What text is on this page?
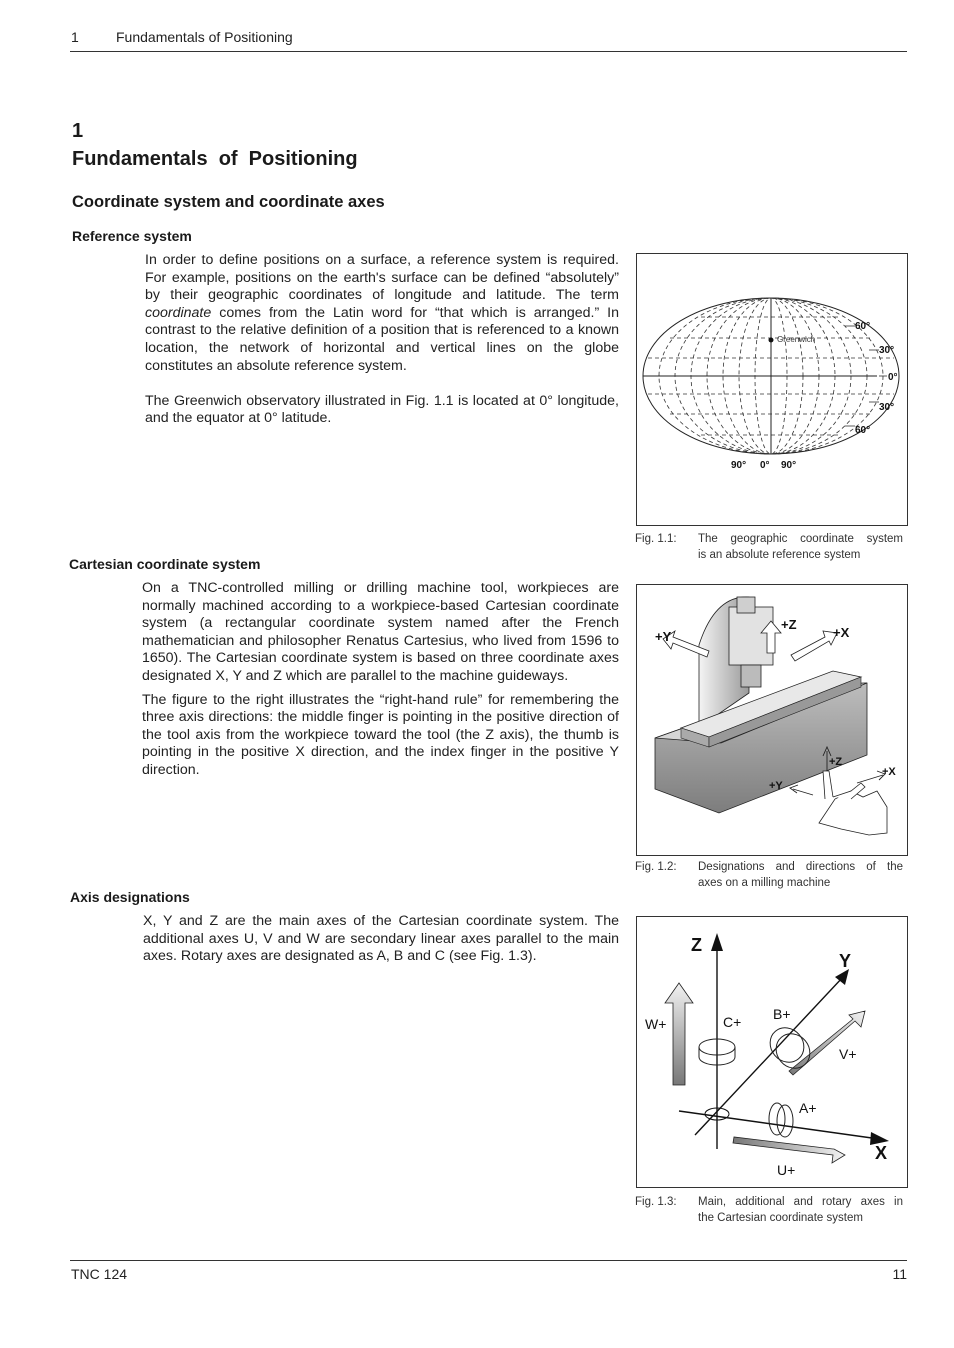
1	Fundamentals of Positioning
1
Fundamentals  of  Positioning
Coordinate system and coordinate axes
Reference system

In order to define positions on a surface, a reference system is required. For example, positions on the earth's surface can be defined “absolutely” by their geographic coordinates of longitude and latitude. The term coordinate comes from the Latin word for “that which is arranged.” In contrast to the relative definition of a position that is referenced to a known location, the network of horizontal and vertical lines on the globe constitutes an absolute reference system.

The Greenwich observatory illustrated in Fig. 1.1 is located at 0° longitude, and the equator at 0° latitude.

Greenwich
60°
30°
0°
30°
60°
90° 0° 90°
Fig. 1.1: The geographic coordinate system
is an absolute reference system
Cartesian coordinate system

On a TNC-controlled milling or drilling machine tool, workpieces are normally machined according to a workpiece-based Cartesian coordinate system (a rectangular coordinate system named after the French mathematician and philosopher Renatus Cartesius, who lived from 1596 to 1650). The Cartesian coordinate system is based on three coordinate axes designated X, Y and Z which are parallel to the machine guideways.

The figure to the right illustrates the “right-hand rule” for remembering the three axis directions: the middle finger is pointing in the positive direction of the tool axis from the workpiece toward the tool (the Z axis), the thumb is pointing in the positive X direction, and the index finger in the positive Y direction.

+Y
+Z
+X
+Z
+X
+Y
Fig. 1.2: Designations and directions of the
axes on a milling machine
Axis designations

X, Y and Z are the main axes of the Cartesian coordinate system. The additional axes U, V and W are secondary linear axes parallel to the main axes. Rotary axes are designated as A, B and C (see Fig. 1.3).

Z
Y
X
W+	C+ B+
V+
A+
U+
Fig. 1.3: Main, additional and rotary axes in
the Cartesian coordinate system
TNC 124	11
